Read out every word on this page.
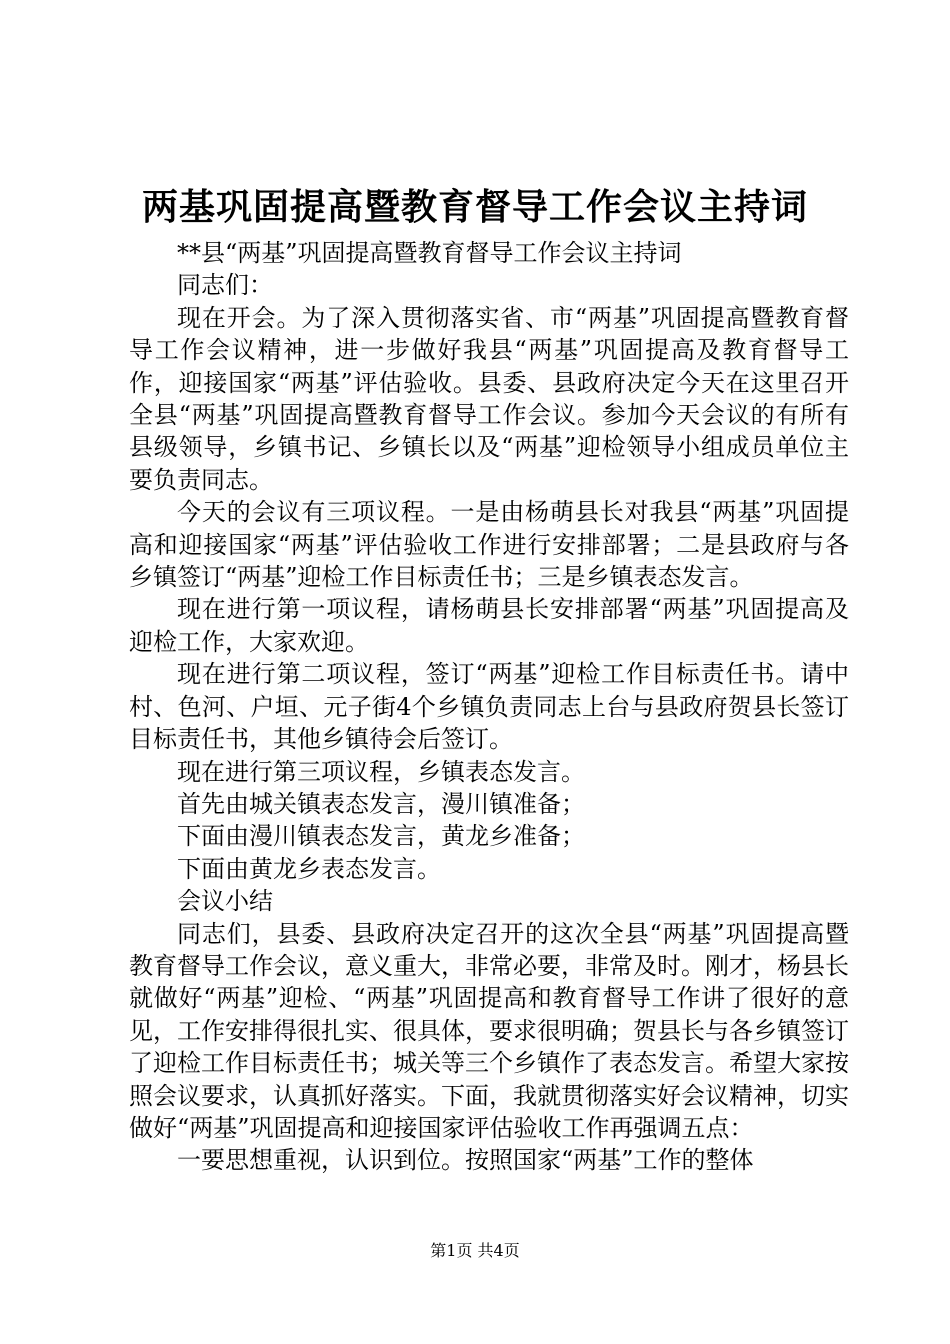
两基巩固提高暨教育督导工作会议主持词

**县“两基”巩固提高暨教育督导工作会议主持词

同志们：

现在开会。为了深入贯彻落实省、市“两基”巩固提高暨教育督导工作会议精神，进一步做好我县“两基”巩固提高及教育督导工作，迎接国家“两基”评估验收。县委、县政府决定今天在这里召开全县“两基”巩固提高暨教育督导工作会议。参加今天会议的有所有县级领导，乡镇书记、乡镇长以及“两基”迎检领导小组成员单位主要负责同志。

今天的会议有三项议程。一是由杨萌县长对我县“两基”巩固提高和迎接国家“两基”评估验收工作进行安排部署；二是县政府与各乡镇签订“两基”迎检工作目标责任书；三是乡镇表态发言。

现在进行第一项议程，请杨萌县长安排部署“两基”巩固提高及迎检工作，大家欢迎。

现在进行第二项议程，签订“两基”迎检工作目标责任书。请中村、色河、户垣、元子街4个乡镇负责同志上台与县政府贺县长签订目标责任书，其他乡镇待会后签订。

现在进行第三项议程，乡镇表态发言。

首先由城关镇表态发言，漫川镇准备；

下面由漫川镇表态发言，黄龙乡准备；

下面由黄龙乡表态发言。

会议小结

同志们，县委、县政府决定召开的这次全县“两基”巩固提高暨教育督导工作会议，意义重大，非常必要，非常及时。刚才，杨县长就做好“两基”迎检、“两基”巩固提高和教育督导工作讲了很好的意见，工作安排得很扎实、很具体，要求很明确；贺县长与各乡镇签订了迎检工作目标责任书；城关等三个乡镇作了表态发言。希望大家按照会议要求，认真抓好落实。下面，我就贯彻落实好会议精神，切实做好“两基”巩固提高和迎接国家评估验收工作再强调五点：

一要思想重视，认识到位。按照国家“两基”工作的整体

第1页 共4页
